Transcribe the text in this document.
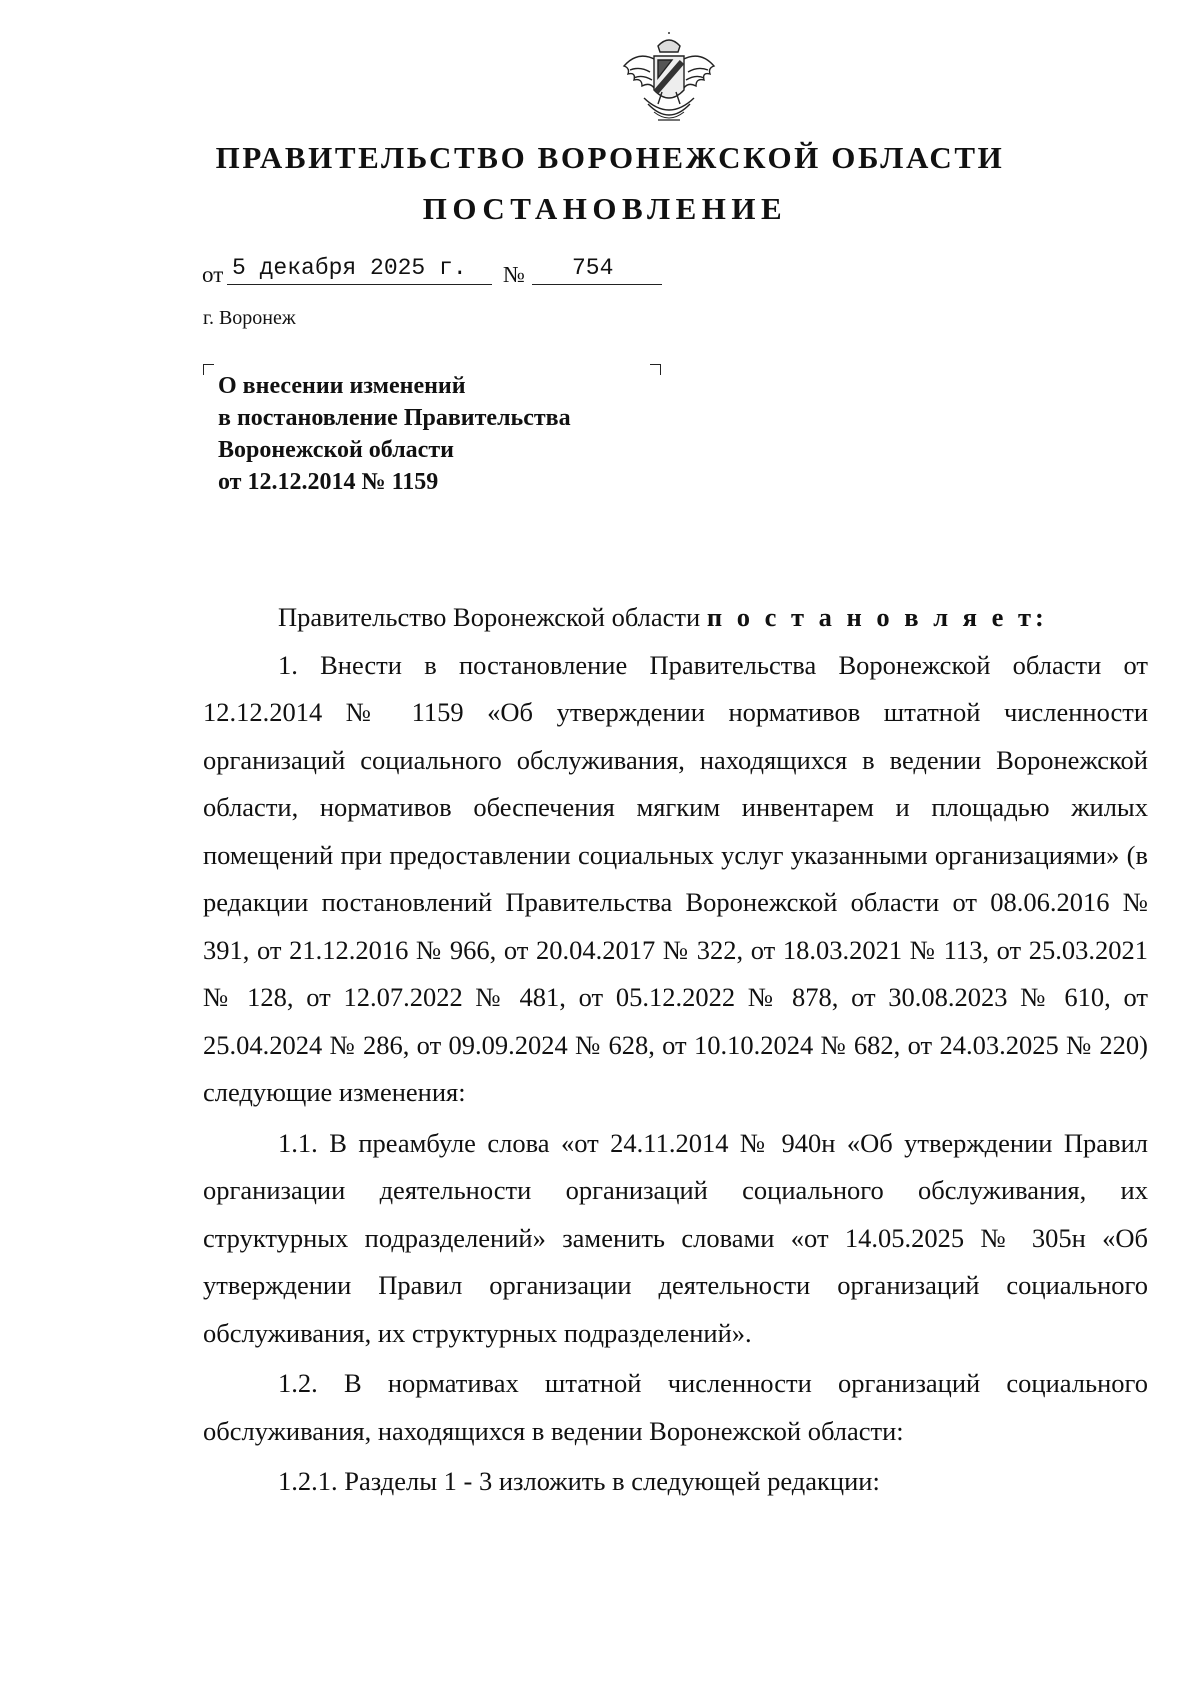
ПРАВИТЕЛЬСТВО ВОРОНЕЖСКОЙ ОБЛАСТИ
ПОСТАНОВЛЕНИЕ
от 5 декабря 2025 г. № 754
г. Воронеж
О внесении изменений
в постановление Правительства
Воронежской области
от 12.12.2014 № 1159

Правительство Воронежской области п о с т а н о в л я е т:

1. Внести в постановление Правительства Воронежской области от 12.12.2014 № 1159 «Об утверждении нормативов штатной численности организаций социального обслуживания, находящихся в ведении Воронежской области, нормативов обеспечения мягким инвентарем и площадью жилых помещений при предоставлении социальных услуг указанными организациями» (в редакции постановлений Правительства Воронежской области от 08.06.2016 № 391, от 21.12.2016 № 966, от 20.04.2017 № 322, от 18.03.2021 № 113, от 25.03.2021 № 128, от 12.07.2022 № 481, от 05.12.2022 № 878, от 30.08.2023 № 610, от 25.04.2024 № 286, от 09.09.2024 № 628, от 10.10.2024 № 682, от 24.03.2025 № 220) следующие изменения:

1.1. В преамбуле слова «от 24.11.2014 № 940н «Об утверждении Правил организации деятельности организаций социального обслуживания, их структурных подразделений» заменить словами «от 14.05.2025 № 305н «Об утверждении Правил организации деятельности организаций социального обслуживания, их структурных подразделений».

1.2. В нормативах штатной численности организаций социального обслуживания, находящихся в ведении Воронежской области:

1.2.1. Разделы 1 - 3 изложить в следующей редакции:
